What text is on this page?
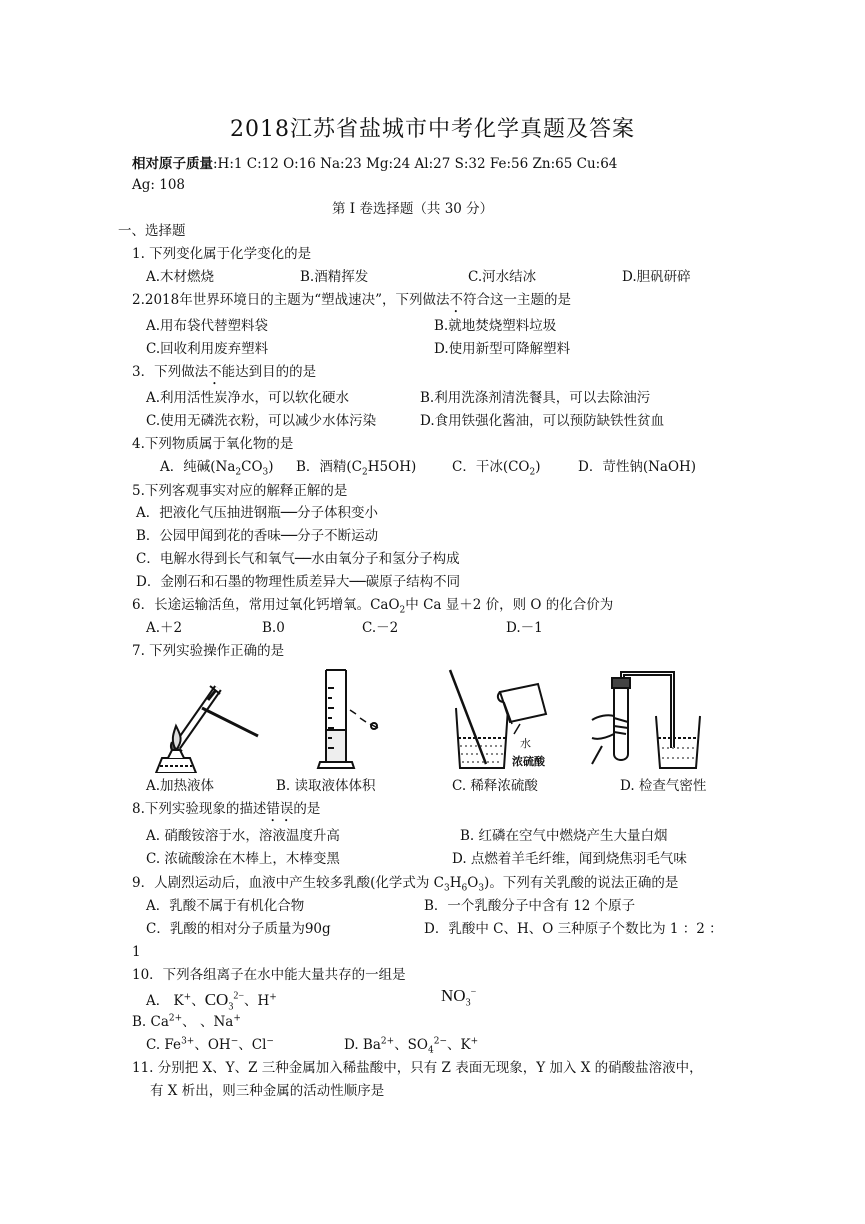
2018江苏省盐城市中考化学真题及答案
相对原子质量:H:1 C:12 O:16 Na:23 Mg:24 Al:27 S:32 Fe:56 Zn:65 Cu:64
Ag: 108
第 I 卷选择题（共 30 分）
一、选择题
1. 下列变化属于化学变化的是
A.木材燃烧	B.酒精挥发	C.河水结冰	D.胆矾研碎
2.2018年世界环境日的主题为“塑战速决”，下列做法不符合这一主题的是
A.用布袋代替塑料袋	B.就地焚烧塑料垃圾
C.回收利用废弃塑料	D.使用新型可降解塑料
3．下列做法不能达到目的的是
A.利用活性炭净水，可以软化硬水	B.利用洗涤剂清洗餐具，可以去除油污
C.使用无磷洗衣粉，可以减少水体污染	D.食用铁强化酱油，可以预防缺铁性贫血
4.下列物质属于氧化物的是
A．纯碱$(Na_2CO_3)$ B．酒精$(C_2H5OH)$	C．干冰$(CO_2)$	D．苛性钠(NaOH)
5.下列客观事实对应的解释正解的是
A．把液化气压抽进钢瓶──分子体积变小
B．公园甲闻到花的香味──分子不断运动
C．电解水得到长气和氧气──水由氧分子和氢分子构成
D．金刚石和石墨的物理性质差异大──碳原子结构不同
6．长途运输活鱼，常用过氧化钙增氧。CaO$_2$中 Ca 显＋2 价，则 O 的化合价为
A.＋2	B.0	C.－2	D.－1
7. 下列实验操作正确的是
水
浓硫酸
A.加热液体	B. 读取液体体积	C. 稀释浓硫酸	D. 检查气密性
8.下列实验现象的描述错误的是
A. 硝酸铵溶于水，溶液温度升高	B. 红磷在空气中燃烧产生大量白烟
C. 浓硫酸涂在木棒上，木棒变黑	D. 点燃着羊毛纤维，闻到烧焦羽毛气味
9．人剧烈运动后，血液中产生较多乳酸(化学式为 $C_3H_6O_3$)。下列有关乳酸的说法正确的是
A．乳酸不属于有机化合物	B．一个乳酸分子中含有 12 个原子
C．乳酸的相对分子质量为90g	D．乳酸中 C、H、O 三种原子个数比为 1 ：2 ：
1
10．下列各组离子在水中能大量共存的一组是
A． K+、$CO_3^{2-}$、H+	$NO_3^-$
B. $Ca^{2+}$、 、Na+
C. $Fe^{3+}$、OH−、Cl−	D. $Ba^{2+}$、$SO_4^{2-}$、K+
11. 分别把 X、Y、Z 三种金属加入稀盐酸中，只有 Z 表面无现象，Y 加入 X 的硝酸盐溶液中，
有 X 析出，则三种金属的活动性顺序是
